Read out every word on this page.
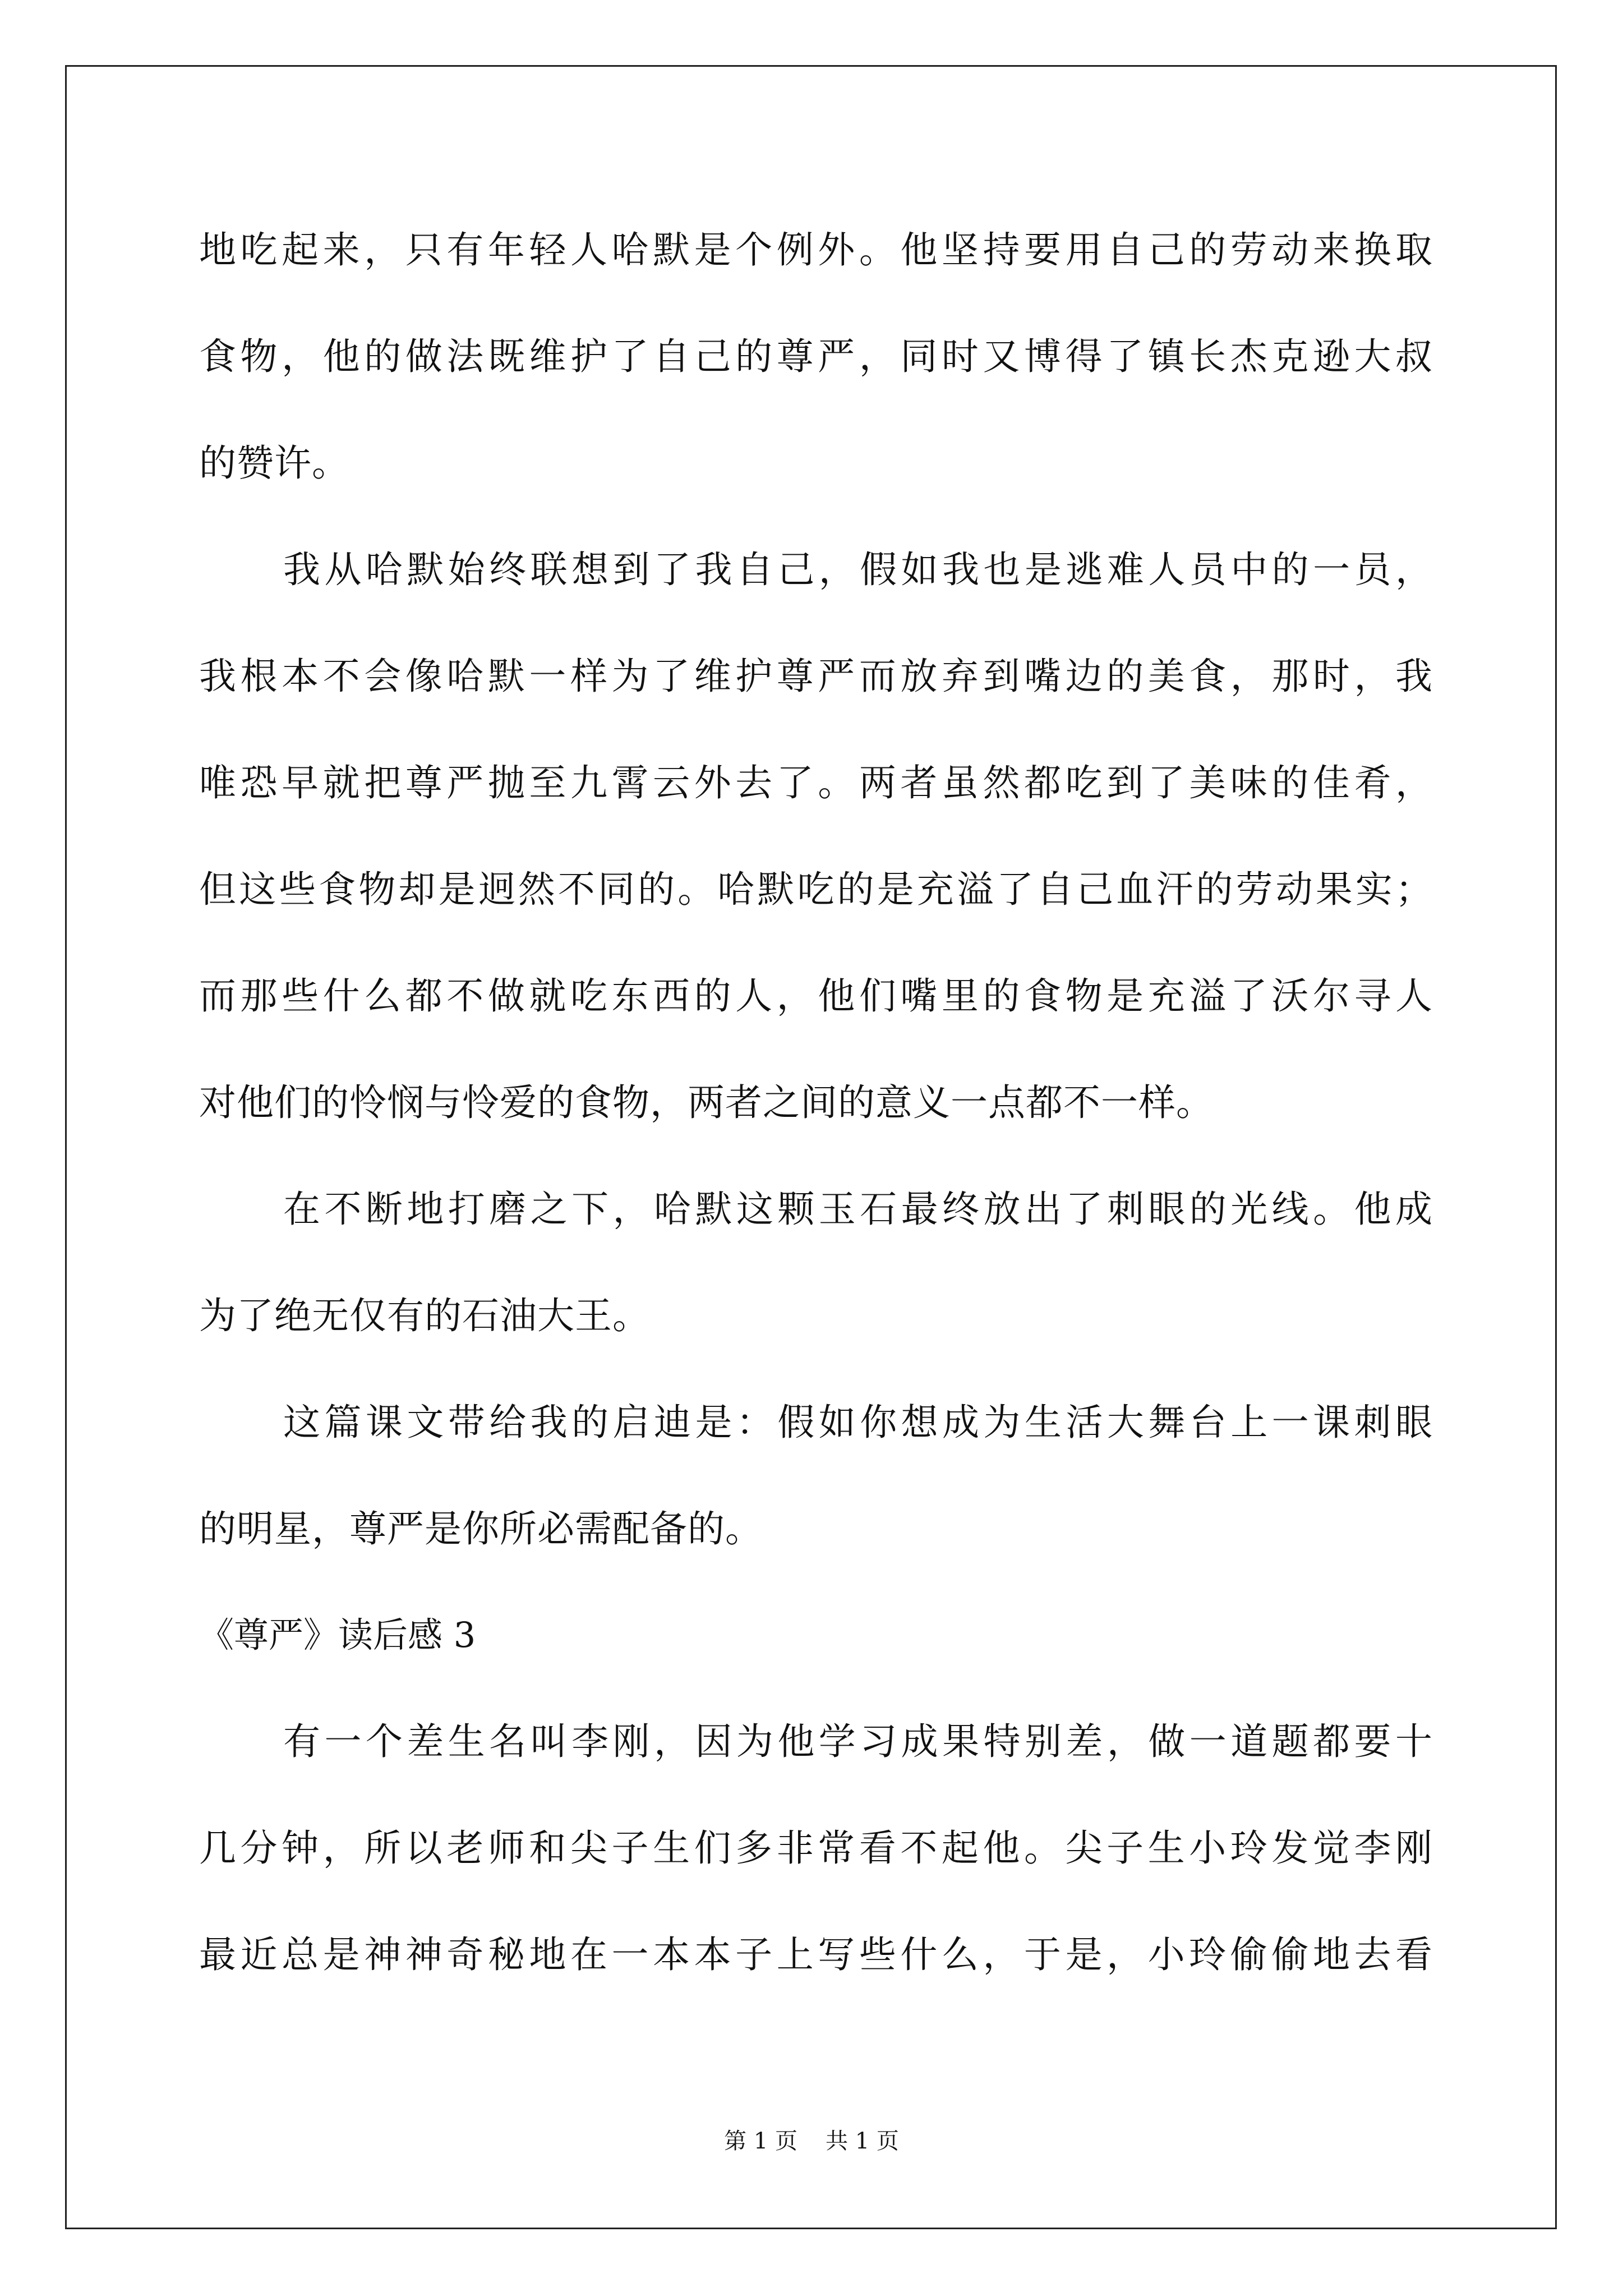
地吃起来，只有年轻人哈默是个例外。他坚持要用自己的劳动来换取

食物，他的做法既维护了自己的尊严，同时又博得了镇长杰克逊大叔

的赞许。

我从哈默始终联想到了我自己，假如我也是逃难人员中的一员，

我根本不会像哈默一样为了维护尊严而放弃到嘴边的美食，那时，我

唯恐早就把尊严抛至九霄云外去了。两者虽然都吃到了美味的佳肴，

但这些食物却是迥然不同的。哈默吃的是充溢了自己血汗的劳动果实；

而那些什么都不做就吃东西的人，他们嘴里的食物是充溢了沃尔寻人

对他们的怜悯与怜爱的食物，两者之间的意义一点都不一样。

在不断地打磨之下，哈默这颗玉石最终放出了刺眼的光线。他成

为了绝无仅有的石油大王。

这篇课文带给我的启迪是：假如你想成为生活大舞台上一课刺眼

的明星，尊严是你所必需配备的。

《尊严》读后感 3

有一个差生名叫李刚，因为他学习成果特别差，做一道题都要十

几分钟，所以老师和尖子生们多非常看不起他。尖子生小玲发觉李刚

最近总是神神奇秘地在一本本子上写些什么，于是，小玲偷偷地去看

第 1 页 共 1 页
